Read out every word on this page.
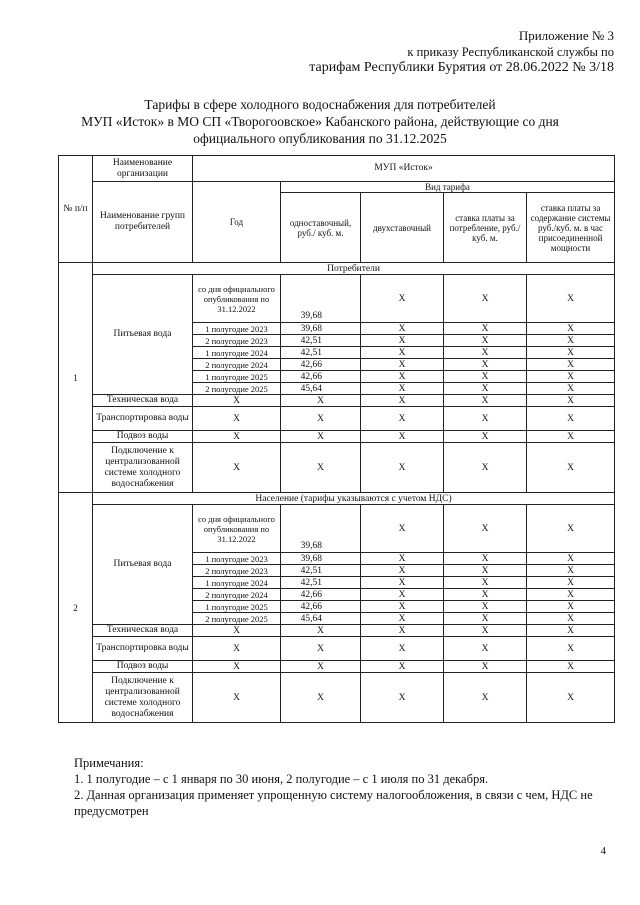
Приложение № 3
к приказу Республиканской службы по
тарифам Республики Бурятия от 28.06.2022 № 3/18
Тарифы в сфере холодного водоснабжения для потребителей
МУП «Исток» в МО СП «Творогоовское» Кабанского района, действующие со дня
официального опубликования по 31.12.2025
№ п/п	Наименование организации	МУП «Исток»				
	Наименование групп потребителей	Год	Вид тарифа			
			одноставочный, руб./ куб. м.	двухставочный	ставка платы за потребление, руб./ куб. м.	ставка платы за содержание системы руб./куб. м. в час присоединенной мощности
1	Потребители					
	Питьевая вода	со дня официального опубликования по 31.12.2022	39,68	X	X	X
		1 полугодие 2023	39,68	X	X	X
		2 полугодие 2023	42,51	X	X	X
		1 полугодие 2024	42,51	X	X	X
		2 полугодие 2024	42,66	X	X	X
		1 полугодие 2025	42,66	X	X	X
		2 полугодие 2025	45,64	X	X	X
	Техническая вода	X	X	X	X	X
	Транспортировка воды	X	X	X	X	X
	Подвоз воды	X	X	X	X	X
	Подключение к централизованной системе холодного водоснабжения	X	X	X	X	X
2	Население (тарифы указываются с учетом НДС)					
	Питьевая вода	со дня официального опубликования по 31.12.2022	39,68	X	X	X
		1 полугодие 2023	39,68	X	X	X
		2 полугодие 2023	42,51	X	X	X
		1 полугодие 2024	42,51	X	X	X
		2 полугодие 2024	42,66	X	X	X
		1 полугодие 2025	42,66	X	X	X
		2 полугодие 2025	45,64	X	X	X
	Техническая вода	X	X	X	X	X
	Транспортировка воды	X	X	X	X	X
	Подвоз воды	X	X	X	X	X
	Подключение к централизованной системе холодного водоснабжения	X	X	X	X	X
Примечания:
1. 1 полугодие – с 1 января по 30 июня, 2 полугодие – с 1 июля по 31 декабря.
2. Данная организация применяет упрощенную систему налогообложения, в связи с чем, НДС не предусмотрен
4
